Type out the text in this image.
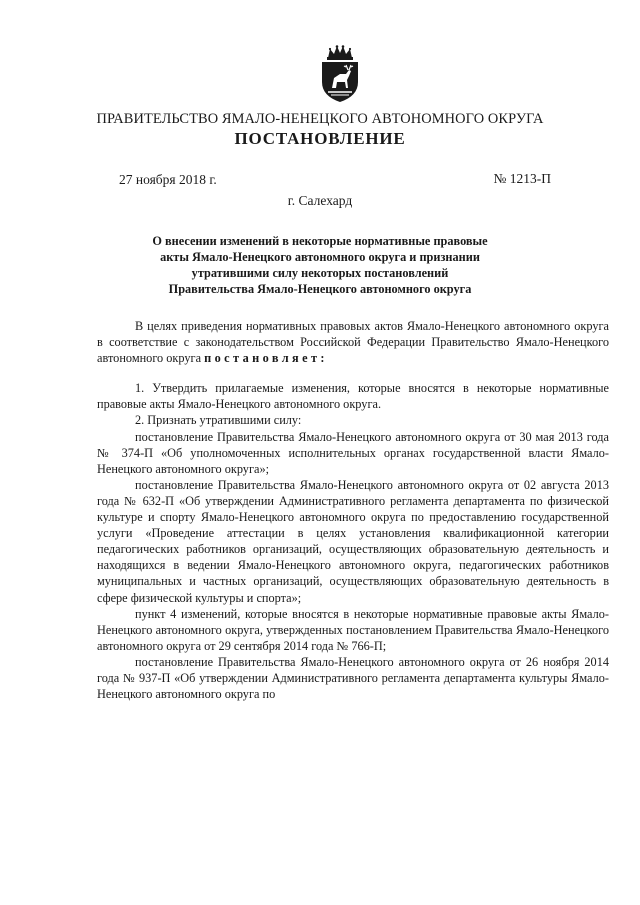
ПРАВИТЕЛЬСТВО ЯМАЛО-НЕНЕЦКОГО АВТОНОМНОГО ОКРУГА
ПОСТАНОВЛЕНИЕ
27 ноября 2018 г.	№ 1213-П
г. Салехард
О внесении изменений в некоторые нормативные правовые
акты Ямало-Ненецкого автономного округа и признании
утратившими силу некоторых постановлений
Правительства Ямало-Ненецкого автономного округа

В целях приведения нормативных правовых актов Ямало-Ненецкого автономного округа в соответствие с законодательством Российской Федерации Правительство Ямало-Ненецкого автономного округа постановляет:

1. Утвердить прилагаемые изменения, которые вносятся в некоторые нормативные правовые акты Ямало-Ненецкого автономного округа.

2. Признать утратившими силу:

постановление Правительства Ямало-Ненецкого автономного округа от 30 мая 2013 года № 374-П «Об уполномоченных исполнительных органах государственной власти Ямало-Ненецкого автономного округа»;

постановление Правительства Ямало-Ненецкого автономного округа от 02 августа 2013 года № 632-П «Об утверждении Административного регламента департамента по физической культуре и спорту Ямало-Ненецкого автономного округа по предоставлению государственной услуги «Проведение аттестации в целях установления квалификационной категории педагогических работников организаций, осуществляющих образовательную деятельность и находящихся в ведении Ямало-Ненецкого автономного округа, педагогических работников муниципальных и частных организаций, осуществляющих образовательную деятельность в сфере физической культуры и спорта»;

пункт 4 изменений, которые вносятся в некоторые нормативные правовые акты Ямало-Ненецкого автономного округа, утвержденных постановлением Правительства Ямало-Ненецкого автономного округа от 29 сентября 2014 года № 766-П;

постановление Правительства Ямало-Ненецкого автономного округа от 26 ноября 2014 года № 937-П «Об утверждении Административного регламента департамента культуры Ямало-Ненецкого автономного округа по
